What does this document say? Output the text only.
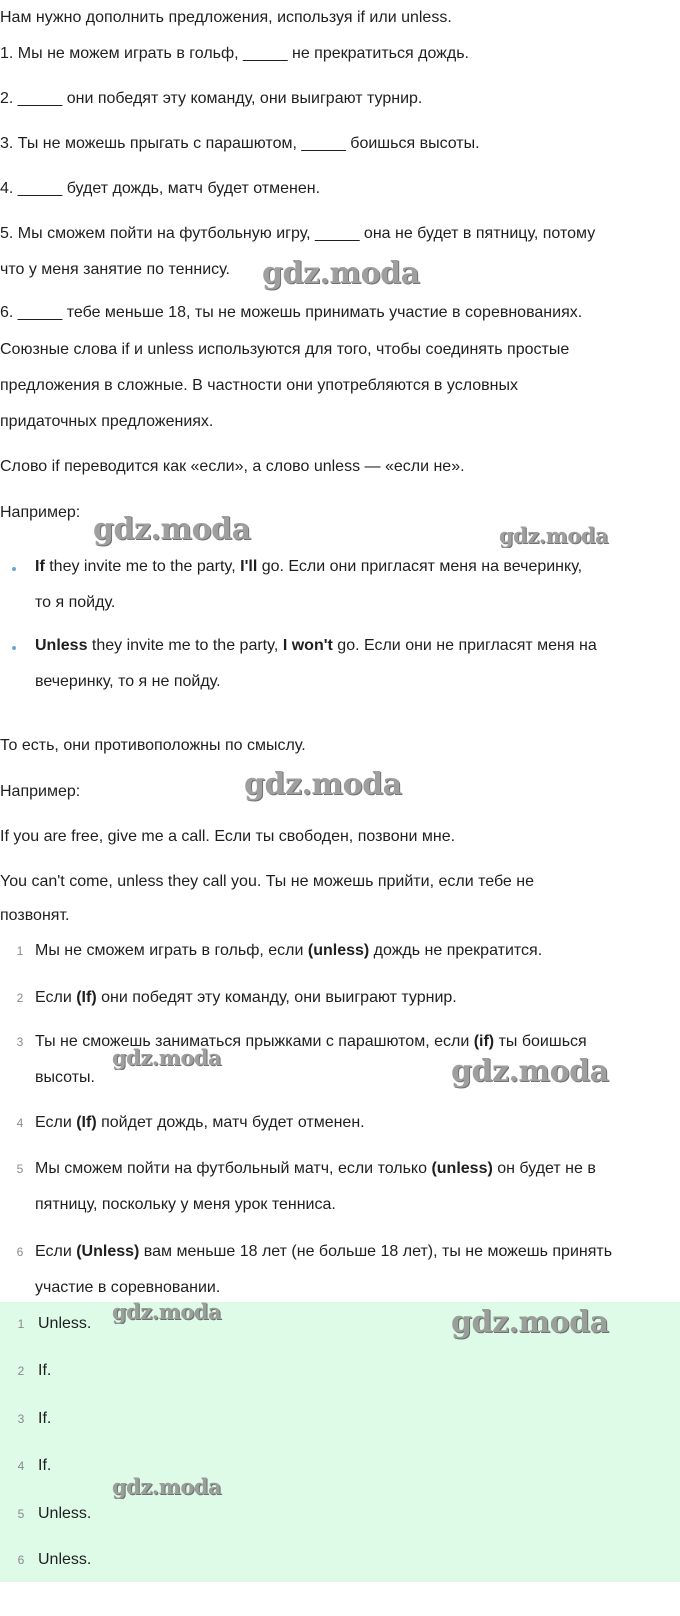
Нам нужно дополнить предложения, используя if или unless.

1. Мы не можем играть в гольф, _____ не прекратиться дождь.

2. _____ они победят эту команду, они выиграют турнир.

3. Ты не можешь прыгать с парашютом, _____ боишься высоты.

4. _____ будет дождь, матч будет отменен.

5. Мы сможем пойти на футбольную игру, _____ она не будет в пятницу, потому

что у меня занятие по теннису.

6. _____ тебе меньше 18, ты не можешь принимать участие в соревнованиях.

Союзные слова if и unless используются для того, чтобы соединять простые

предложения в сложные. В частности они употребляются в условных

придаточных предложениях.

Слово if переводится как «если», а слово unless — «если не».

Например:

If they invite me to the party, I'll go. Если они пригласят меня на вечеринку,
то я пойду.
Unless they invite me to the party, I won't go. Если они не пригласят меня на
вечеринку, то я не пойду.

То есть, они противоположны по смыслу.

Например:

If you are free, give me a call. Если ты свободен, позвони мне.

You can't come, unless they call you. Ты не можешь прийти, если тебе не

позвонят.

1 Мы не сможем играть в гольф, если (unless) дождь не прекратится.
2 Если (If) они победят эту команду, они выиграют турнир.
3 Ты не сможешь заниматься прыжками с парашютом, если (if) ты боишься
высоты.
4 Если (If) пойдет дождь, матч будет отменен.
5 Мы сможем пойти на футбольный матч, если только (unless) он будет не в
пятницу, поскольку у меня урок тенниса.
6 Если (Unless) вам меньше 18 лет (не больше 18 лет), ты не можешь принять
участие в соревновании.
1 Unless.
2 If.
3 If.
4 If.
5 Unless.
6 Unless.
gdz.moda
gdz.moda	gdz.moda
gdz.moda
gdz.moda	gdz.moda
gdz.moda	gdz.moda
gdz.moda
